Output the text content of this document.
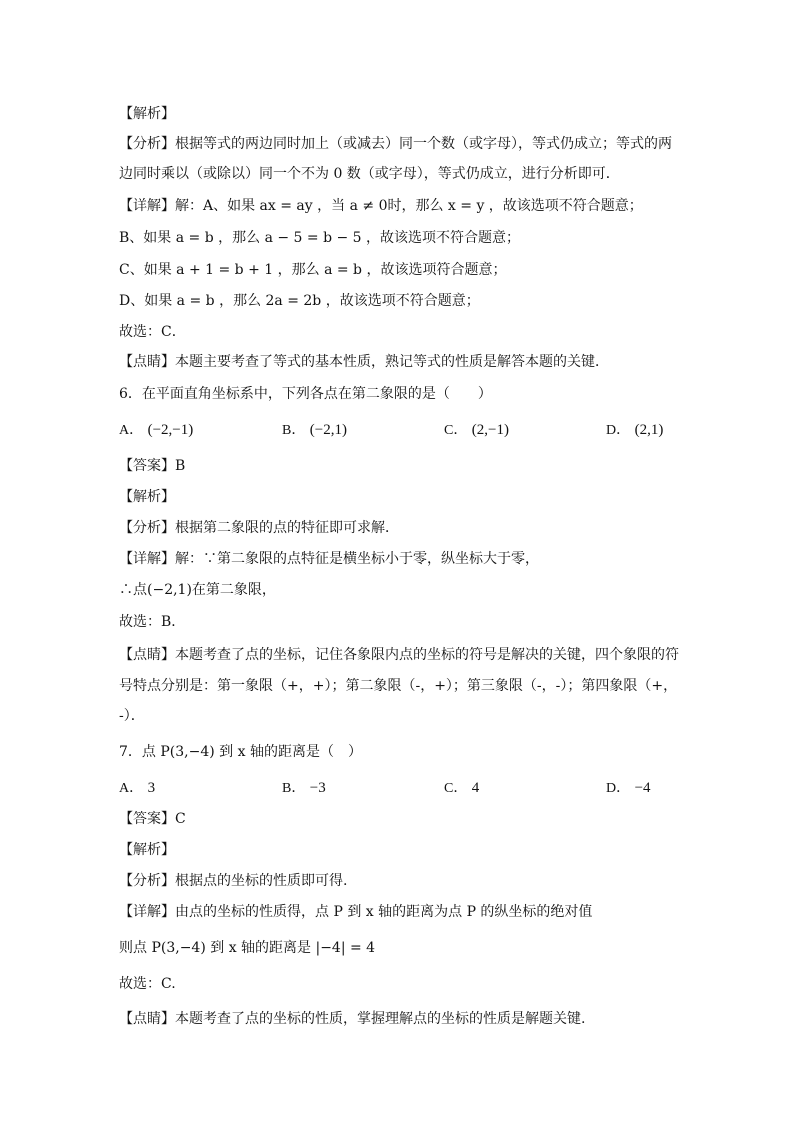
【解析】
【分析】根据等式的两边同时加上（或减去）同一个数（或字母），等式仍成立；等式的两
边同时乘以（或除以）同一个不为 0 数（或字母），等式仍成立，进行分析即可．
【详解】解：A、如果 ax = ay ，当 a ≠ 0时，那么 x = y ，故该选项不符合题意；
B、如果 a = b ，那么 a − 5 = b − 5 ，故该选项不符合题意；
C、如果 a + 1 = b + 1 ，那么 a = b ，故该选项符合题意；
D、如果 a = b ，那么 2a = 2b ，故该选项不符合题意；
故选：C．
【点睛】本题主要考查了等式的基本性质，熟记等式的性质是解答本题的关键．
6．在平面直角坐标系中，下列各点在第二象限的是（　　）
A． (−2,−1)	B． (−2,1)	C． (2,−1)	D． (2,1)
【答案】B
【解析】
【分析】根据第二象限的点的特征即可求解．
【详解】解：∵第二象限的点特征是横坐标小于零，纵坐标大于零，
∴点(−2,1)在第二象限，
故选：B．
【点睛】本题考查了点的坐标，记住各象限内点的坐标的符号是解决的关键，四个象限的符
号特点分别是：第一象限（+，+）；第二象限（-，+）；第三象限（-，-）；第四象限（+，
-）．
7．点 P(3,−4) 到 x 轴的距离是（　）
A． 3	B． −3	C． 4	D． −4
【答案】C
【解析】
【分析】根据点的坐标的性质即可得.
【详解】由点的坐标的性质得，点 P 到 x 轴的距离为点 P 的纵坐标的绝对值
则点 P(3,−4) 到 x 轴的距离是 |−4| = 4
故选：C.
【点睛】本题考查了点的坐标的性质，掌握理解点的坐标的性质是解题关键.
